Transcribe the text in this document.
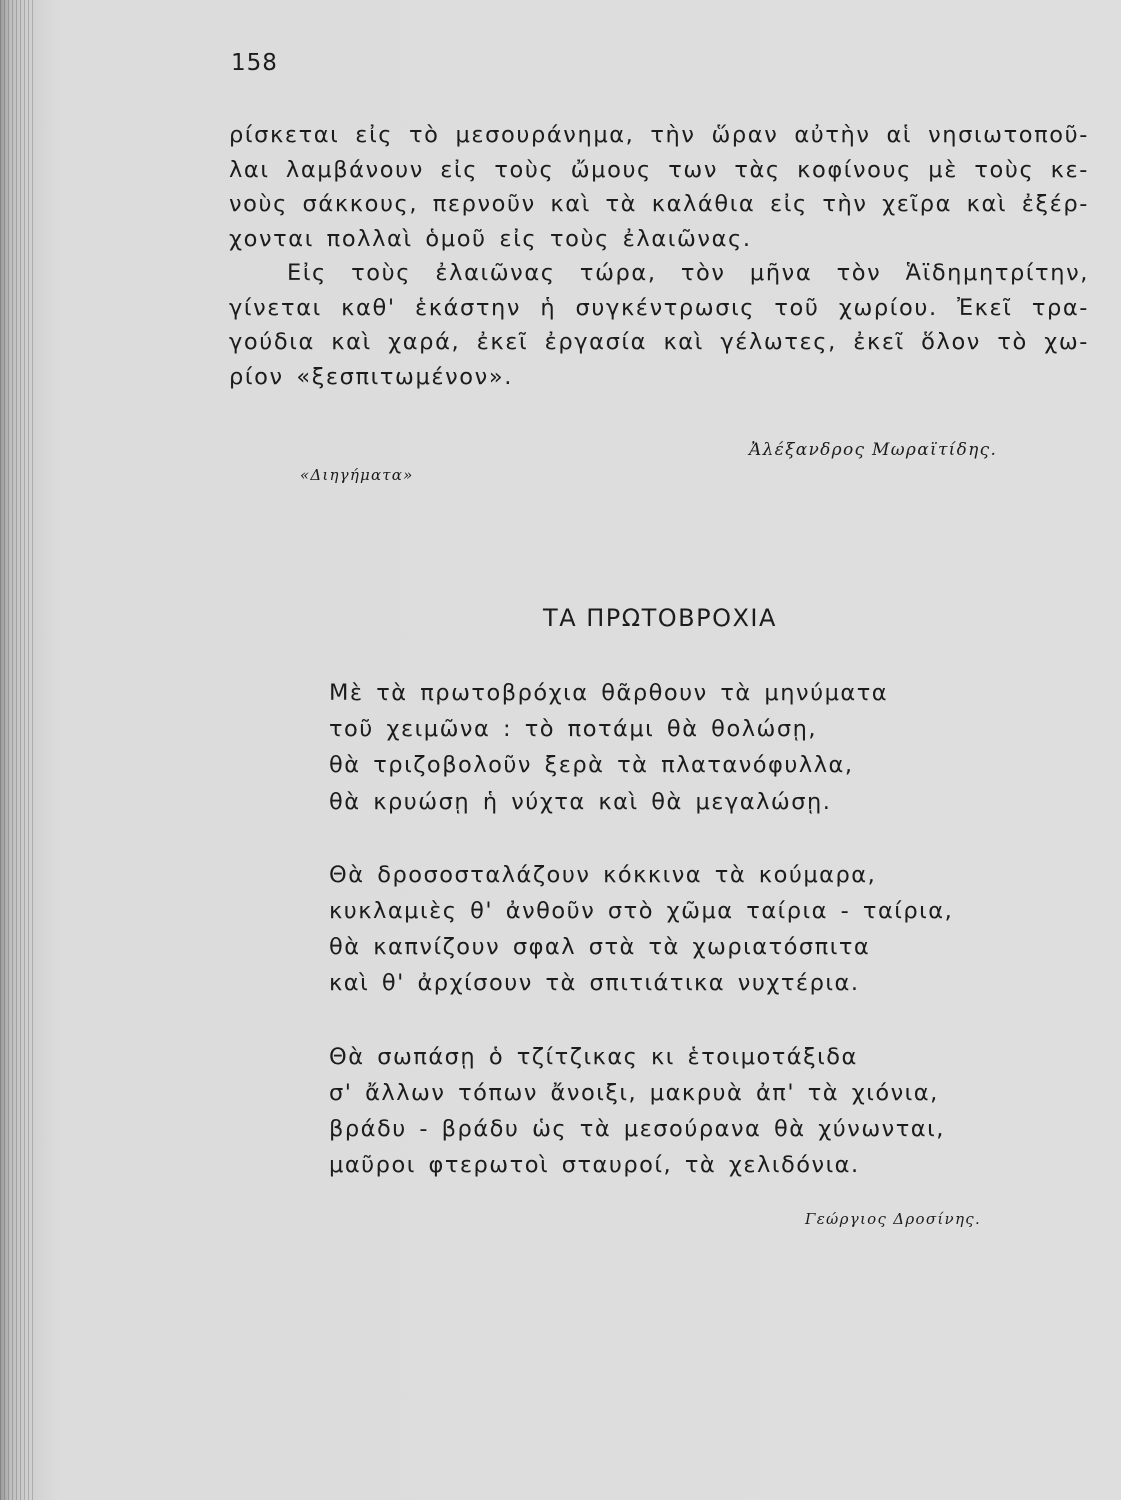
158
ρίσκεται εἰς τὸ μεσουράνημα, τὴν ὥραν αὐτὴν αἱ νησιωτοποῦ-
λαι λαμβάνουν εἰς τοὺς ὤμους των τὰς κοφίνους μὲ τοὺς κε-
νοὺς σάκκους, περνοῦν καὶ τὰ καλάθια εἰς τὴν χεῖρα καὶ ἐξέρ-
χονται πολλαὶ ὁμοῦ εἰς τοὺς ἐλαιῶνας.
Εἰς τοὺς ἐλαιῶνας τώρα, τὸν μῆνα τὸν Ἁϊδημητρίτην,
γίνεται καθ' ἑκάστην ἡ συγκέντρωσις τοῦ χωρίου. Ἐκεῖ τρα-
γούδια καὶ χαρά, ἐκεῖ ἐργασία καὶ γέλωτες, ἐκεῖ ὅλον τὸ χω-
ρίον «ξεσπιτωμένον».
Ἀλέξανδρος Μωραϊτίδης.
«Διηγήματα»
ΤΑ ΠΡΩΤΟΒΡΟΧΙΑ
Μὲ τὰ πρωτοβρόχια θᾶρθουν τὰ μηνύματα
τοῦ χειμῶνα : τὸ ποτάμι θὰ θολώσῃ,
θὰ τριζοβολοῦν ξερὰ τὰ πλατανόφυλλα,
θὰ κρυώσῃ ἡ νύχτα καὶ θὰ μεγαλώσῃ.
Θὰ δροσοσταλάζουν κόκκινα τὰ κούμαρα,
κυκλαμιὲς θ' ἀνθοῦν στὸ χῶμα ταίρια - ταίρια,
θὰ καπνίζουν σφαλ στὰ τὰ χωριατόσπιτα
καὶ θ' ἀρχίσουν τὰ σπιτιάτικα νυχτέρια.
Θὰ σωπάσῃ ὁ τζίτζικας κι ἑτοιμοτάξιδα
σ' ἄλλων τόπων ἄνοιξι, μακρυὰ ἀπ' τὰ χιόνια,
βράδυ - βράδυ ὡς τὰ μεσούρανα θὰ χύνωνται,
μαῦροι φτερωτοὶ σταυροί, τὰ χελιδόνια.
Γεώργιος Δροσίνης.
